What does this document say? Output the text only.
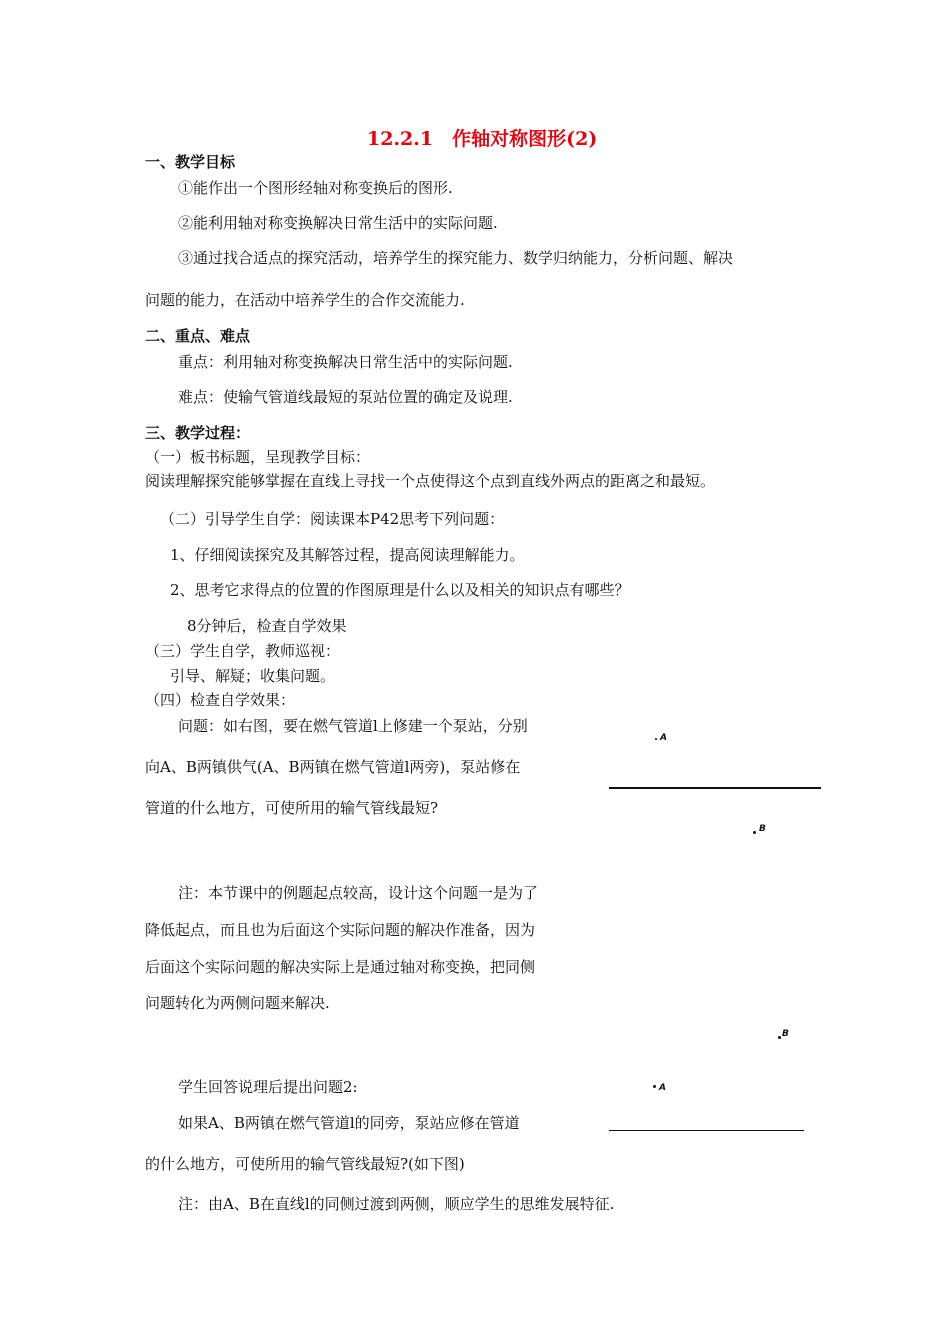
12.2.1　作轴对称图形(2)
一、教学目标
①能作出一个图形经轴对称变换后的图形.
②能利用轴对称变换解决日常生活中的实际问题.
③通过找合适点的探究活动，培养学生的探究能力、数学归纳能力，分析问题、解决
问题的能力，在活动中培养学生的合作交流能力.
二、重点、难点
重点：利用轴对称变换解决日常生活中的实际问题.
难点：使输气管道线最短的泵站位置的确定及说理.
三、教学过程：
（一）板书标题，呈现教学目标：
阅读理解探究能够掌握在直线上寻找一个点使得这个点到直线外两点的距离之和最短。
（二）引导学生自学：阅读课本P42思考下列问题：
1、仔细阅读探究及其解答过程，提高阅读理解能力。
2、思考它求得点的位置的作图原理是什么以及相关的知识点有哪些？
8分钟后，检查自学效果
（三）学生自学，教师巡视：
引导、解疑；收集问题。
（四）检查自学效果：
问题：如右图，要在燃气管道l上修建一个泵站，分别
向A、B两镇供气(A、B两镇在燃气管道l两旁)，泵站修在
管道的什么地方，可使所用的输气管线最短?
注：本节课中的例题起点较高，设计这个问题一是为了
降低起点，而且也为后面这个实际问题的解决作准备，因为
后面这个实际问题的解决实际上是通过轴对称变换，把同侧
问题转化为两侧问题来解决.
学生回答说理后提出问题2:
如果A、B两镇在燃气管道l的同旁，泵站应修在管道
的什么地方，可使所用的输气管线最短?(如下图)
注：由A、B在直线l的同侧过渡到两侧，顺应学生的思维发展特征.
A
B
B
A
